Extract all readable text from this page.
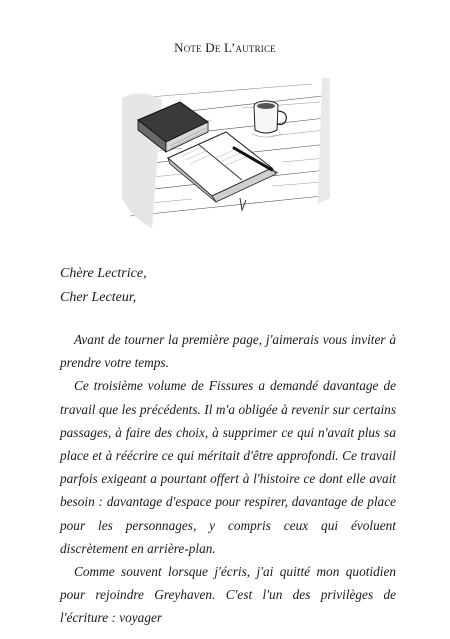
Note De L’autrice
Chère Lectrice,
Cher Lecteur,

Avant de tourner la première page, j'aimerais vous inviter à prendre votre temps.

Ce troisième volume de Fissures a demandé davantage de travail que les précédents. Il m'a obligée à revenir sur certains passages, à faire des choix, à supprimer ce qui n'avait plus sa place et à réécrire ce qui méritait d'être approfondi. Ce travail parfois exigeant a pourtant offert à l'histoire ce dont elle avait besoin : davantage d'espace pour respirer, davantage de place pour les personnages, y compris ceux qui évoluent discrètement en arrière-plan.

Comme souvent lorsque j'écris, j'ai quitté mon quotidien pour rejoindre Greyhaven. C'est l'un des privilèges de l'écriture : voyager
